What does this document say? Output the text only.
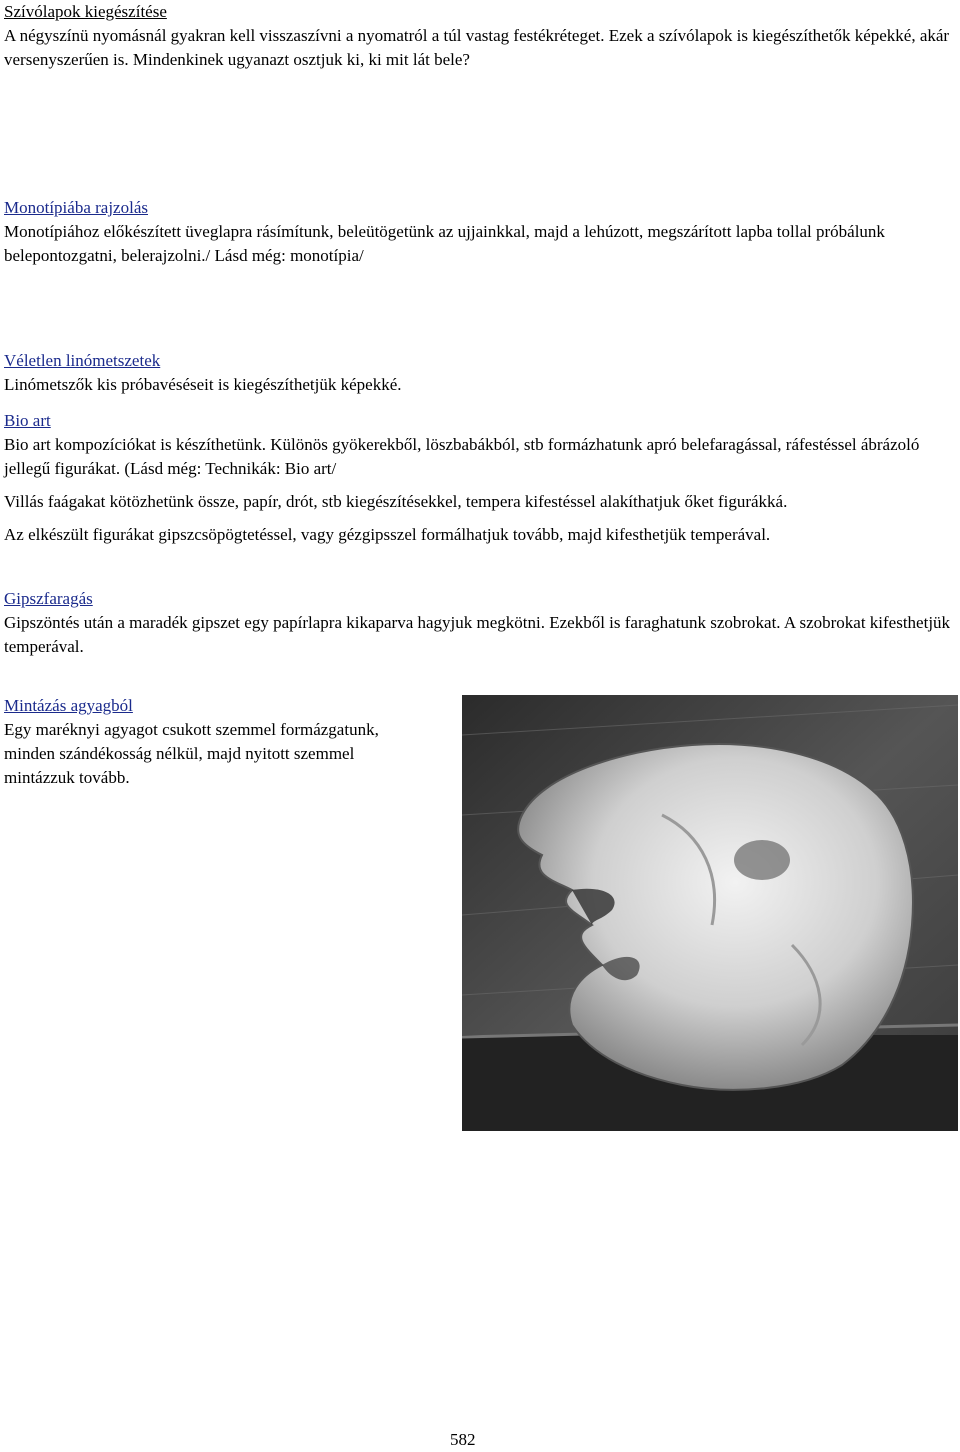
Szívólapok kiegészítése

A négyszínü nyomásnál gyakran kell visszaszívni a nyomatról a túl vastag festékréteget. Ezek a szívólapok is kiegészíthetők képekké, akár versenyszerűen is. Mindenkinek ugyanazt osztjuk ki, ki mit lát bele?

Monotípiába rajzolás

Monotípiához előkészített üveglapra rásímítunk, beleütögetünk az ujjainkkal, majd a lehúzott, megszárított lapba tollal próbálunk belepontozgatni, belerajzolni./ Lásd még: monotípia/

Véletlen linómetszetek

Linómetszők kis próbavéséseit is kiegészíthetjük képekké.

Bio art

Bio art kompozíciókat is készíthetünk. Különös gyökerekből, löszbabákból, stb formázhatunk apró belefaragással, ráfestéssel ábrázoló jellegű figurákat. (Lásd még: Technikák: Bio art/

Villás faágakat kötözhetünk össze, papír, drót, stb kiegészítésekkel, tempera kifestéssel alakíthatjuk őket figurákká.

Az elkészült figurákat gipszcsöpögtetéssel, vagy gézgipsszel formálhatjuk tovább, majd kifesthetjük temperával.

Gipszfaragás

Gipszöntés után a maradék gipszet egy papírlapra kikaparva hagyjuk megkötni. Ezekből is faraghatunk szobrokat. A szobrokat kifesthetjük temperával.

Mintázás agyagból

Egy maréknyi agyagot csukott szemmel formázgatunk, minden szándékosság nélkül, majd nyitott szemmel mintázzuk tovább.

582
